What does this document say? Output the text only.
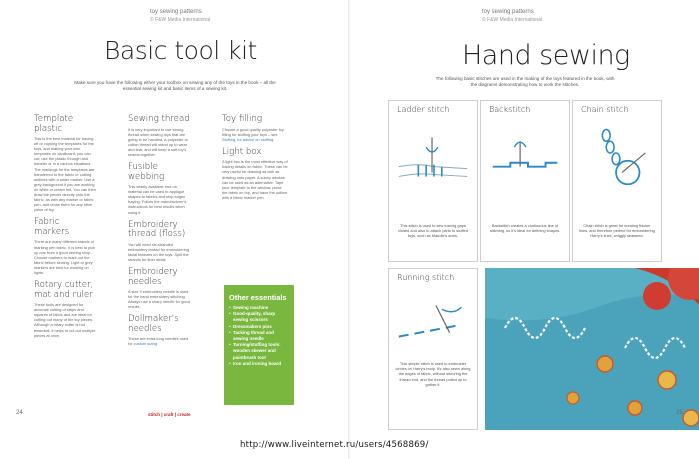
toy sewing patterns
© F&W Media International
Basic tool kit
Make sure you have the following either your toolbox on sewing any of the toys in the book – all the essential sewing kit and basic items of a sewing kit.
Template plastic

This is the best material for tracing off or copying the templates for the toys, and making your own templates on cardboard, you can cut, use the plastic through and transfer or in a various situations. The markings for the templates are transferred to the fabric or cutting outlines with a water marker. Use a grey background if you are working on white or cream felt. You can then draw the pieces directly onto the fabric, as with any marker or fabric pen, and reuse them for any other piece of toy.

Fabric markers

There are many different brands of marking pen fabric. It is best to pick up one from a good sewing shop. Choose markers to mark out the fabric before sewing. Light or grey markers are best for working on lights.

Rotary cutter, mat and ruler

These tools are designed for accurate cutting of strips and squares of fabric and are ideal for cutting out many of the toy pieces. Although a rotary cutter is not essential, it helps to cut out multiple pieces at once.

Sewing thread

It is very important to use strong thread when sewing toys that are going to be handled. A polyester or cotton thread will stand up to wear and tear, and will keep a soft toy's seams together.

Fusible webbing

This widely available iron-on material can be used to appliqué shapes to fabrics and stop edges fraying. Follow the manufacturer's instructions for best results when using it.

Embroidery thread (floss)

You will need six-stranded embroidery thread for embroidering facial features on the toys. Split the strands for finer detail.

Embroidery needles

A size 9 embroidery needle is used for the hand embroidery stitching. Always use a sharp needle for good results.

Dollmaker's needles

These are extra-long needles used for custom sizing

Toy filling

Choose a good quality polyester toy filling for stuffing your toys – see Stuffing, for advice on stuffing.

Light box

A light box is the most effective way of tracing details on fabric. These can be very useful for drawing as well as drawing onto paper. A sunny window can be used as an alternative. Tape your template to the window, place the fabric on top, and trace the outline with a fabric marker pen.

Other essentials
• Sewing machine
• Good-quality, sharp sewing scissors
• Dressmakers pins
• Tacking thread and sewing needle
• Turning/stuffing tools: wooden skewer and paintbrush tool
• Iron and ironing board
24	stitch | craft | create
toy sewing patterns
© F&W Media International
Hand sewing
The following basic stitches are used in the making of the toys featured in the book, with the diagrams demonstrating how to work the stitches.
Ladder stitch

This stitch is used to sew turning gaps closed and also to attach parts to stuffed toys, such as Maudie's arms.

Backstitch

Backstitch creates a continuous line of stitching, so it's ideal for defining shapes.

Chain stitch

Chain stitch is great for creating thicker lines, and therefore perfect for embroidering Harry's lines, wriggly seaweed.

Running stitch

This simple stitch is used to embroider circles on Harry's body. It's also sewn along the edges of fabric, without securing the thread end, and the thread pulled up to gather it.

25
http://www.liveinternet.ru/users/4568869/
